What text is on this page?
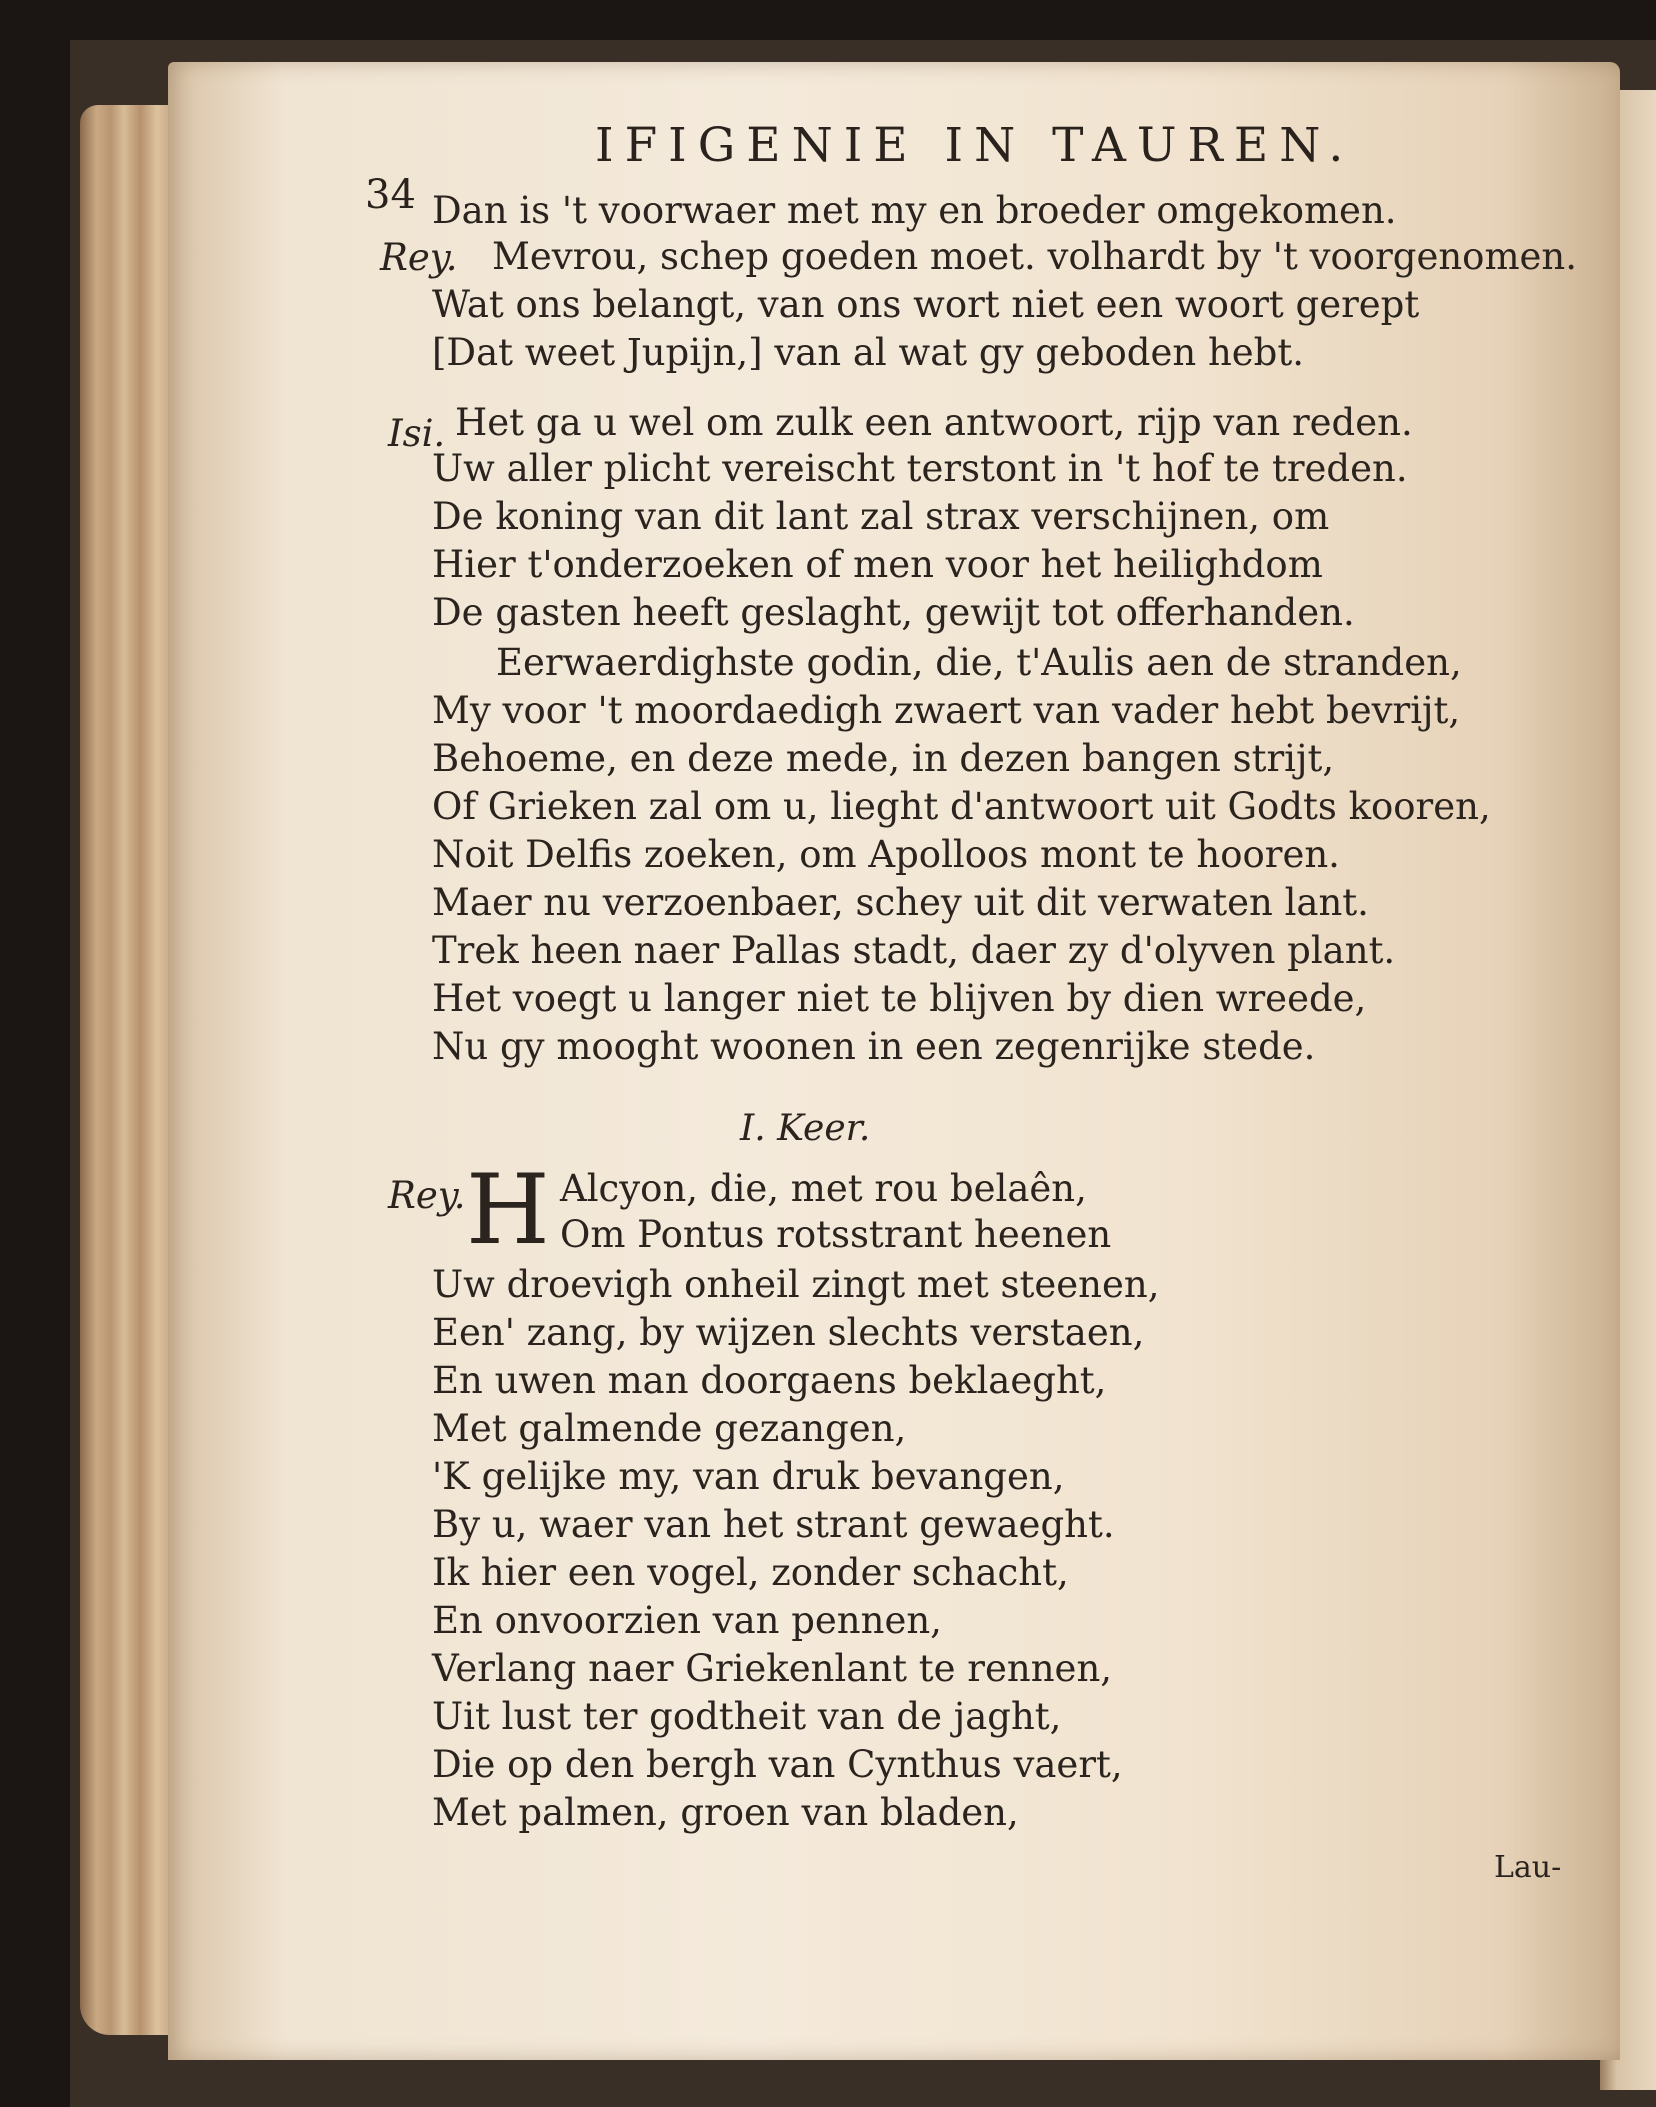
34
IFIGENIE IN TAUREN.
Dan is 't voorwaer met my en broeder omgekomen.
Rey. Mevrou, schep goeden moet. volhardt by 't voorgenomen.
Wat ons belangt, van ons wort niet een woort gerept
[Dat weet Jupijn,] van al wat gy geboden hebt.
Isi. Het ga u wel om zulk een antwoort, rijp van reden.
Uw aller plicht vereischt terstont in 't hof te treden.
De koning van dit lant zal strax verschijnen, om
Hier t'onderzoeken of men voor het heilighdom
De gasten heeft geslaght, gewijt tot offerhanden.
Eerwaerdighste godin, die, t'Aulis aen de stranden,
My voor 't moordaedigh zwaert van vader hebt bevrijt,
Behoeme, en deze mede, in dezen bangen strijt,
Of Grieken zal om u, lieght d'antwoort uit Godts kooren,
Noit Delfis zoeken, om Apolloos mont te hooren.
Maer nu verzoenbaer, schey uit dit verwaten lant.
Trek heen naer Pallas stadt, daer zy d'olyven plant.
Het voegt u langer niet te blijven by dien wreede,
Nu gy mooght woonen in een zegenrijke stede.
I. Keer.
Rey. H Alcyon, die, met rou belaên,
Om Pontus rotsstrant heenen
Uw droevigh onheil zingt met steenen,
Een' zang, by wijzen slechts verstaen,
En uwen man doorgaens beklaeght,
Met galmende gezangen,
'K gelijke my, van druk bevangen,
By u, waer van het strant gewaeght.
Ik hier een vogel, zonder schacht,
En onvoorzien van pennen,
Verlang naer Griekenlant te rennen,
Uit lust ter godtheit van de jaght,
Die op den bergh van Cynthus vaert,
Met palmen, groen van bladen,
Lau-
